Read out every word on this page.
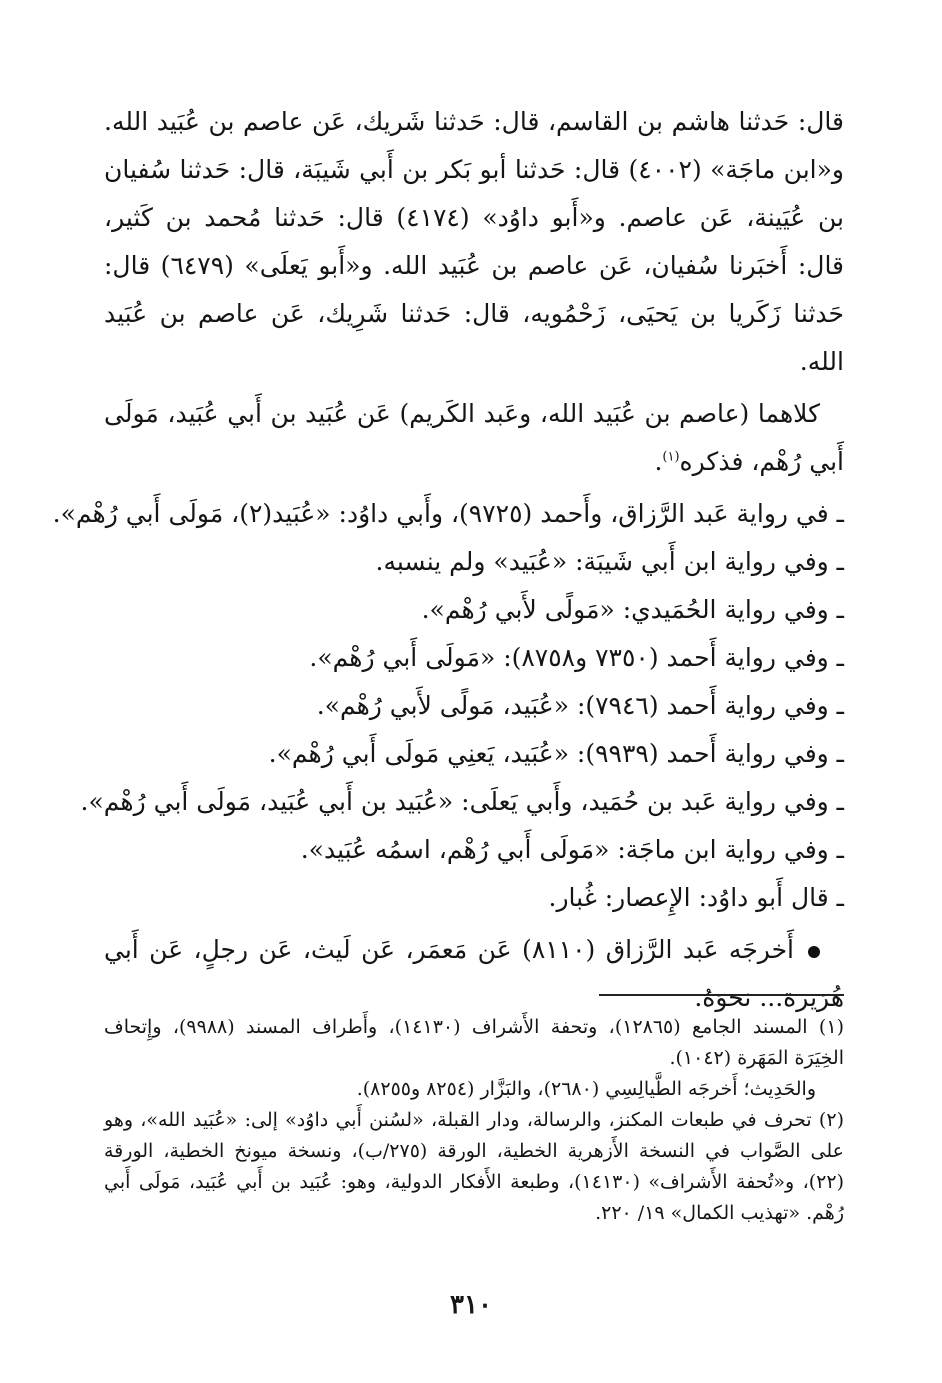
قال: حَدثنا هاشم بن القاسم، قال: حَدثنا شَريك، عَن عاصم بن عُبَيد الله. و«ابن ماجَة» (٤٠٠٢) قال: حَدثنا أبو بَكر بن أَبي شَيبَة، قال: حَدثنا سُفيان بن عُيَينة، عَن عاصم. و«أَبو داوُد» (٤١٧٤) قال: حَدثنا مُحمد بن كَثير، قال: أَخبَرنا سُفيان، عَن عاصم بن عُبَيد الله. و«أَبو يَعلَى» (٦٤٧٩) قال: حَدثنا زَكَريا بن يَحيَى، زَحْمُويه، قال: حَدثنا شَرِيك، عَن عاصم بن عُبَيد الله.

كلاهما (عاصم بن عُبَيد الله، وعَبد الكَريم) عَن عُبَيد بن أَبي عُبَيد، مَولَى أَبي رُهْم، فذكره$^{(١)}$.

ـ في رواية عَبد الرَّزاق، وأَحمد (٩٧٢٥)، وأَبي داوُد: «عُبَيد(٢)، مَولَى أَبي رُهْم».

ـ وفي رواية ابن أَبي شَيبَة: «عُبَيد» ولم ينسبه.

ـ وفي رواية الحُمَيدي: «مَولًى لأَبي رُهْم».

ـ وفي رواية أَحمد (٧٣٥٠ و٨٧٥٨): «مَولَى أَبي رُهْم».

ـ وفي رواية أَحمد (٧٩٤٦): «عُبَيد، مَولًى لأَبي رُهْم».

ـ وفي رواية أَحمد (٩٩٣٩): «عُبَيد، يَعنِي مَولَى أَبي رُهْم».

ـ وفي رواية عَبد بن حُمَيد، وأَبي يَعلَى: «عُبَيد بن أَبي عُبَيد، مَولَى أَبي رُهْم».

ـ وفي رواية ابن ماجَة: «مَولَى أَبي رُهْم، اسمُه عُبَيد».

ـ قال أَبو داوُد: الإِعصار: غُبار.

أَخرجَه عَبد الرَّزاق (٨١١٠) عَن مَعمَر، عَن لَيث، عَن رجلٍ، عَن أَبي هُرَيرة... نحوَهُ.

(١) المسند الجامع (١٢٨٦٥)، وتحفة الأَشراف (١٤١٣٠)، وأَطراف المسند (٩٩٨٨)، وإِتحاف الخِيَرَة المَهَرة (١٠٤٢).

والحَدِيث؛ أَخرجَه الطَّيالِسِي (٢٦٨٠)، والبَزَّار (٨٢٥٤ و٨٢٥٥).

(٢) تحرف في طبعات المكنز، والرسالة، ودار القبلة، «لسُنن أَبي داوُد» إلى: «عُبَيد الله»، وهو على الصَّواب في النسخة الأَزهرية الخطية، الورقة (٢٧٥/ب)، ونسخة ميونخ الخطية، الورقة (٢٢)، و«تُحفة الأَشراف» (١٤١٣٠)، وطبعة الأَفكار الدولية، وهو: عُبَيد بن أَبي عُبَيد، مَولَى أَبي رُهْم. «تهذيب الكمال» ١٩/ ٢٢٠.

٣١٠
